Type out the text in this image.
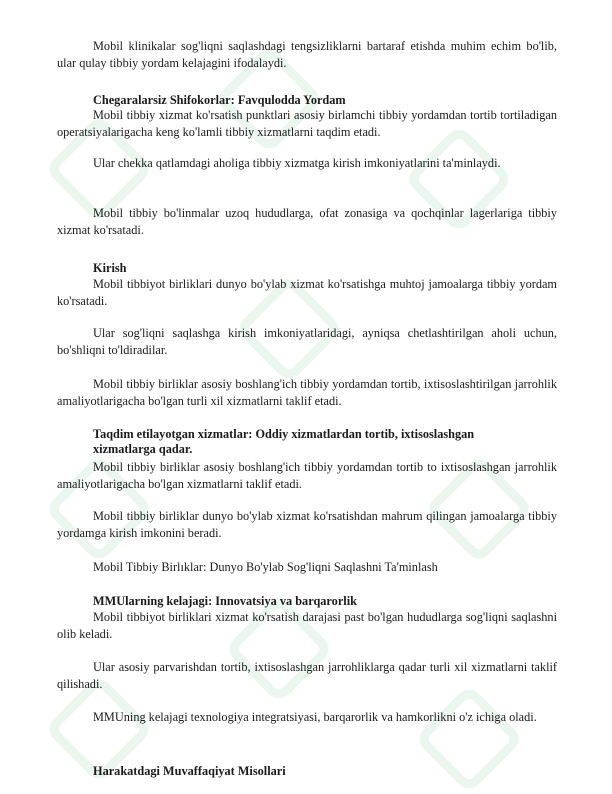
Mobil klinikalar sog'liqni saqlashdagi tengsizliklarni bartaraf etishda muhim echim bo'lib, ular qulay tibbiy yordam kelajagini ifodalaydi.

Chegaralarsiz Shifokorlar: Favqulodda Yordam

Mobil tibbiy xizmat ko'rsatish punktlari asosiy birlamchi tibbiy yordamdan tortib tortiladigan operatsiyalarigacha keng ko'lamli tibbiy xizmatlarni taqdim etadi.

Ular chekka qatlamdagi aholiga tibbiy xizmatga kirish imkoniyatlarini ta'minlaydi.

Mobil tibbiy bo'linmalar uzoq hududlarga, ofat zonasiga va qochqinlar lagerlariga tibbiy xizmat ko'rsatadi.

Kirish

Mobil tibbiyot birliklari dunyo bo'ylab xizmat ko'rsatishga muhtoj jamoalarga tibbiy yordam ko'rsatadi.

Ular sog'liqni saqlashga kirish imkoniyatlaridagi, ayniqsa chetlashtirilgan aholi uchun, bo'shliqni to'ldiradilar.

Mobil tibbiy birliklar asosiy boshlang'ich tibbiy yordamdan tortib, ixtisoslashtirilgan jarrohlik amaliyotlarigacha bo'lgan turli xil xizmatlarni taklif etadi.

Taqdim etilayotgan xizmatlar: Oddiy xizmatlardan tortib, ixtisoslashgan xizmatlarga qadar.

Mobil tibbiy birliklar asosiy boshlang'ich tibbiy yordamdan tortib to ixtisoslashgan jarrohlik amaliyotlarigacha bo'lgan xizmatlarni taklif etadi.

Mobil tibbiy birliklar dunyo bo'ylab xizmat ko'rsatishdan mahrum qilingan jamoalarga tibbiy yordamga kirish imkonini beradi.

Mobil Tibbiy Birlıklar: Dunyo Bo'ylab Sog'liqni Saqlashni Ta'minlash

MMUlarning kelajagi: Innovatsiya va barqarorlik

Mobil tibbiyot birliklari xizmat ko'rsatish darajasi past bo'lgan hududlarga sog'liqni saqlashni olib keladi.

Ular asosiy parvarishdan tortib, ixtisoslashgan jarrohliklarga qadar turli xil xizmatlarni taklif qilishadi.

MMUning kelajagi texnologiya integratsiyasi, barqarorlik va hamkorlikni o'z ichiga oladi.

Harakatdagi Muvaffaqiyat Misollari
